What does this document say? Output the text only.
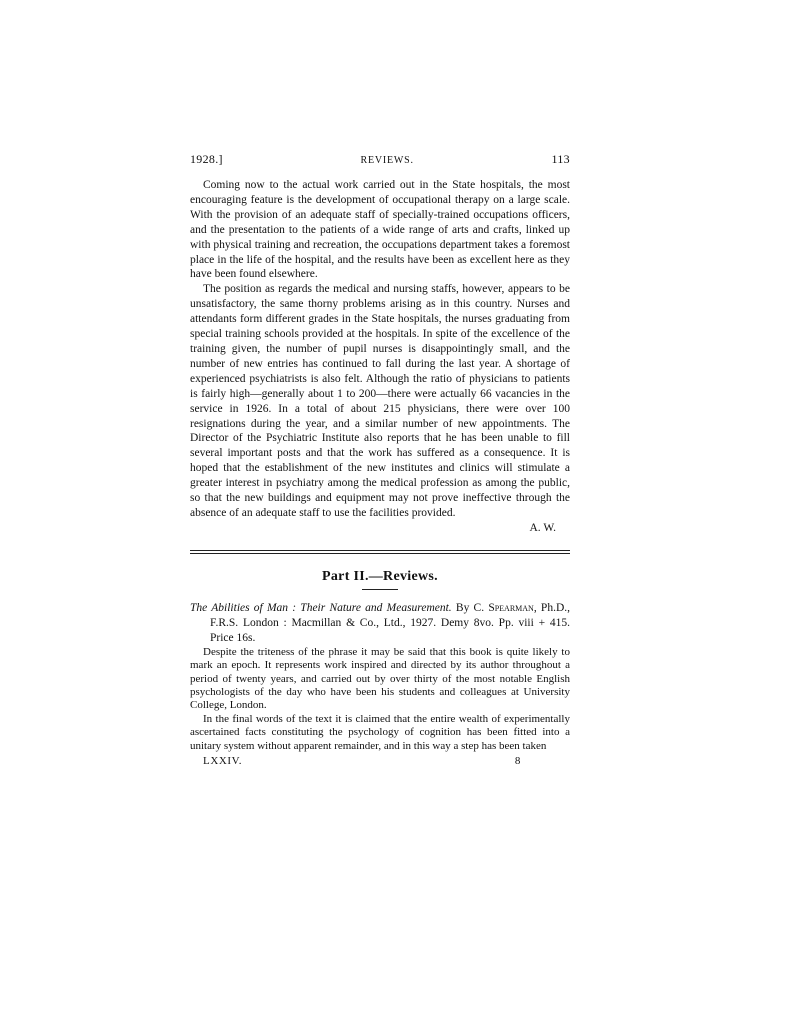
1928.]	REVIEWS.	113

Coming now to the actual work carried out in the State hospitals, the most encouraging feature is the development of occupational therapy on a large scale. With the provision of an adequate staff of specially-trained occupations officers, and the presentation to the patients of a wide range of arts and crafts, linked up with physical training and recreation, the occupations department takes a foremost place in the life of the hospital, and the results have been as excellent here as they have been found elsewhere.

The position as regards the medical and nursing staffs, however, appears to be unsatisfactory, the same thorny problems arising as in this country. Nurses and attendants form different grades in the State hospitals, the nurses graduating from special training schools provided at the hospitals. In spite of the excellence of the training given, the number of pupil nurses is disappointingly small, and the number of new entries has continued to fall during the last year. A shortage of experienced psychiatrists is also felt. Although the ratio of physicians to patients is fairly high—generally about 1 to 200—there were actually 66 vacancies in the service in 1926. In a total of about 215 physicians, there were over 100 resignations during the year, and a similar number of new appointments. The Director of the Psychiatric Institute also reports that he has been unable to fill several important posts and that the work has suffered as a consequence. It is hoped that the establishment of the new institutes and clinics will stimulate a greater interest in psychiatry among the medical profession as among the public, so that the new buildings and equipment may not prove ineffective through the absence of an adequate staff to use the facilities provided.

A. W.

Part II.—Reviews.
The Abilities of Man : Their Nature and Measurement. By C. Spearman, Ph.D., F.R.S. London : Macmillan & Co., Ltd., 1927. Demy 8vo. Pp. viii + 415. Price 16s.

Despite the triteness of the phrase it may be said that this book is quite likely to mark an epoch. It represents work inspired and directed by its author throughout a period of twenty years, and carried out by over thirty of the most notable English psychologists of the day who have been his students and colleagues at University College, London.

In the final words of the text it is claimed that the entire wealth of experimentally ascertained facts constituting the psychology of cognition has been fitted into a unitary system without apparent remainder, and in this way a step has been taken

LXXIV.	8
